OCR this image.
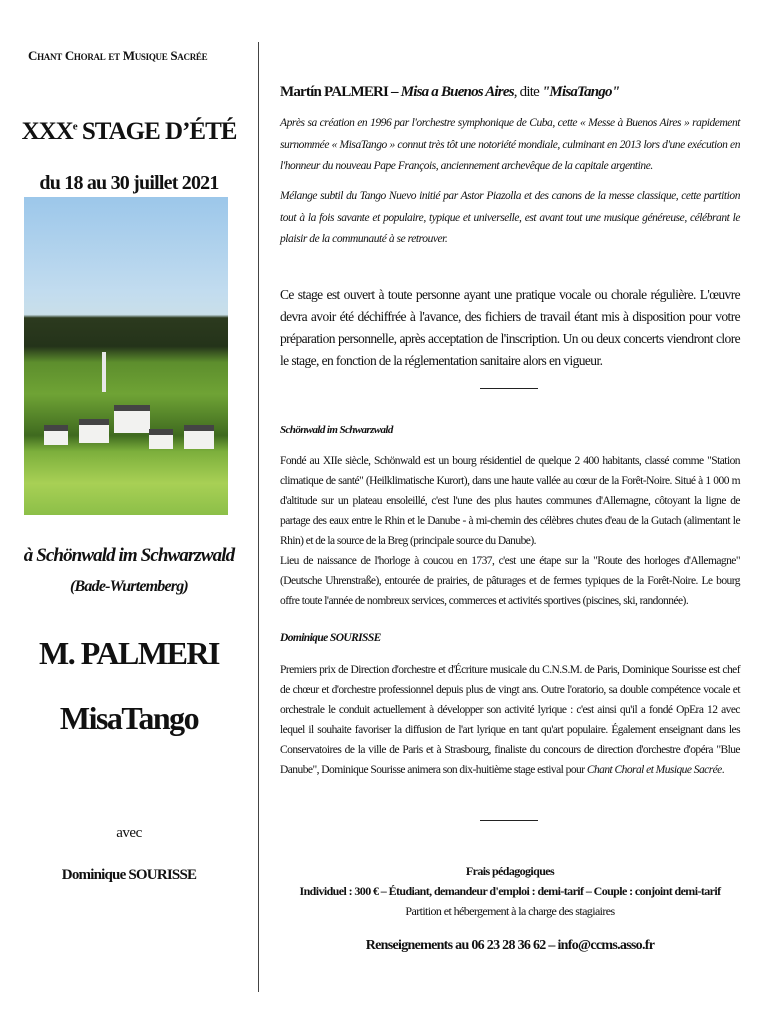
Chant Choral et Musique Sacrée
XXXe STAGE D’ÉTÉ
du 18 au 30 juillet 2021
à Schönwald im Schwarzwald
(Bade-Wurtemberg)
M. PALMERI
MisaTango
avec
Dominique SOURISSE
Martín PALMERI – Misa a Buenos Aires, dite "MisaTango"
Après sa création en 1996 par l'orchestre symphonique de Cuba, cette « Messe à Buenos Aires » rapidement surnommée « MisaTango » connut très tôt une notoriété mondiale, culminant en 2013 lors d'une exécution en l'honneur du nouveau Pape François, anciennement archevêque de la capitale argentine.
Mélange subtil du Tango Nuevo initié par Astor Piazolla et des canons de la messe classique, cette partition tout à la fois savante et populaire, typique et universelle, est avant tout une musique généreuse, célébrant le plaisir de la communauté à se retrouver.
Ce stage est ouvert à toute personne ayant une pratique vocale ou chorale régulière. L'œuvre devra avoir été déchiffrée à l'avance, des fichiers de travail étant mis à disposition pour votre préparation personnelle, après acceptation de l'inscription. Un ou deux concerts viendront clore le stage, en fonction de la réglementation sanitaire alors en vigueur.
Schönwald im Schwarzwald
Fondé au XIIe siècle, Schönwald est un bourg résidentiel de quelque 2 400 habitants, classé comme "Station climatique de santé" (Heilklimatische Kurort), dans une haute vallée au cœur de la Forêt-Noire. Situé à 1 000 m d'altitude sur un plateau ensoleillé, c'est l'une des plus hautes communes d'Allemagne, côtoyant la ligne de partage des eaux entre le Rhin et le Danube - à mi-chemin des célèbres chutes d'eau de la Gutach (alimentant le Rhin) et de la source de la Breg (principale source du Danube).
Lieu de naissance de l'horloge à coucou en 1737, c'est une étape sur la "Route des horloges d'Allemagne" (Deutsche Uhrenstraße), entourée de prairies, de pâturages et de fermes typiques de la Forêt-Noire. Le bourg offre toute l'année de nombreux services, commerces et activités sportives (piscines, ski, randonnée).
Dominique SOURISSE
Premiers prix de Direction d'orchestre et d'Écriture musicale du C.N.S.M. de Paris, Dominique Sourisse est chef de chœur et d'orchestre professionnel depuis plus de vingt ans. Outre l'oratorio, sa double compétence vocale et orchestrale le conduit actuellement à développer son activité lyrique : c'est ainsi qu'il a fondé OpEra 12 avec lequel il souhaite favoriser la diffusion de l'art lyrique en tant qu'art populaire. Également enseignant dans les Conservatoires de la ville de Paris et à Strasbourg, finaliste du concours de direction d'orchestre d'opéra "Blue Danube", Dominique Sourisse animera son dix-huitième stage estival pour Chant Choral et Musique Sacrée.
Frais pédagogiques
Individuel : 300 € – Étudiant, demandeur d'emploi : demi-tarif – Couple : conjoint demi-tarif
Partition et hébergement à la charge des stagiaires
Renseignements au 06 23 28 36 62 – info@ccms.asso.fr
